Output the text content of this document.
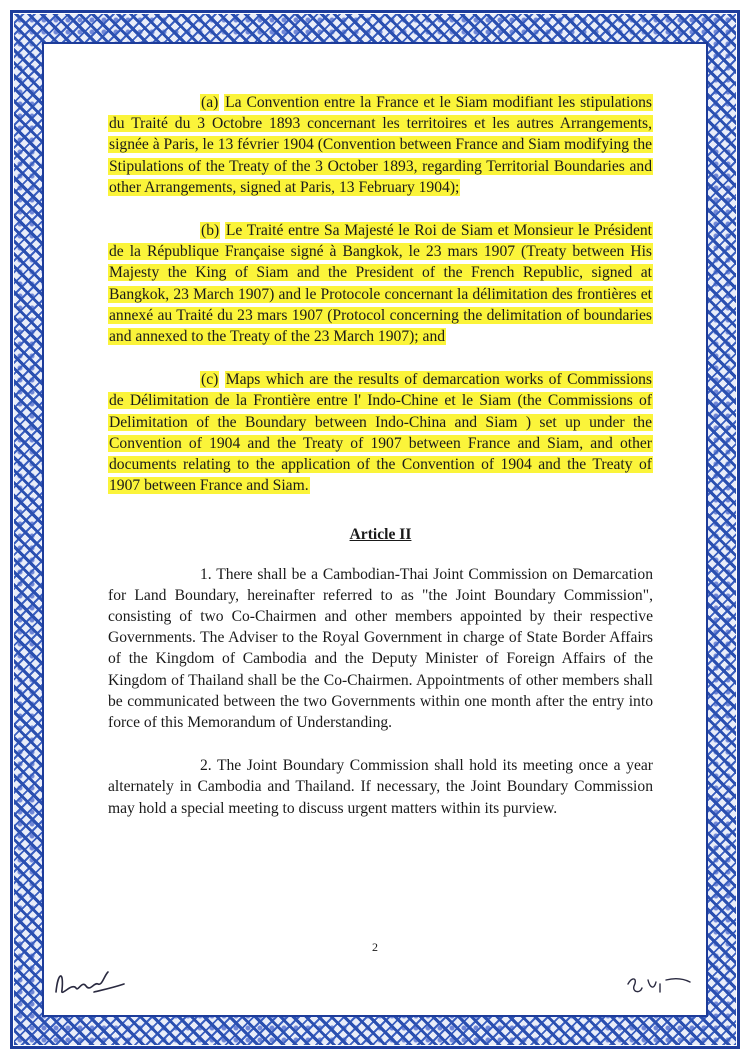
(a) La Convention entre la France et le Siam modifiant les stipulations du Traité du 3 Octobre 1893 concernant les territoires et les autres Arrangements, signée à Paris, le 13 février 1904 (Convention between France and Siam modifying the Stipulations of the Treaty of the 3 October 1893, regarding Territorial Boundaries and other Arrangements, signed at Paris, 13 February 1904);

(b) Le Traité entre Sa Majesté le Roi de Siam et Monsieur le Président de la République Française signé à Bangkok, le 23 mars 1907 (Treaty between His Majesty the King of Siam and the President of the French Republic, signed at Bangkok, 23 March 1907) and le Protocole concernant la délimitation des frontières et annexé au Traité du 23 mars 1907 (Protocol concerning the delimitation of boundaries and annexed to the Treaty of the 23 March 1907); and

(c) Maps which are the results of demarcation works of Commissions de Délimitation de la Frontière entre l' Indo-Chine et le Siam (the Commissions of Delimitation of the Boundary between Indo-China and Siam ) set up under the Convention of 1904 and the Treaty of 1907 between France and Siam, and other documents relating to the application of the Convention of 1904 and the Treaty of 1907 between France and Siam.

Article II

1. There shall be a Cambodian-Thai Joint Commission on Demarcation for Land Boundary, hereinafter referred to as "the Joint Boundary Commission", consisting of two Co-Chairmen and other members appointed by their respective Governments. The Adviser to the Royal Government in charge of State Border Affairs of the Kingdom of Cambodia and the Deputy Minister of Foreign Affairs of the Kingdom of Thailand shall be the Co-Chairmen. Appointments of other members shall be communicated between the two Governments within one month after the entry into force of this Memorandum of Understanding.

2. The Joint Boundary Commission shall hold its meeting once a year alternately in Cambodia and Thailand. If necessary, the Joint Boundary Commission may hold a special meeting to discuss urgent matters within its purview.

2
